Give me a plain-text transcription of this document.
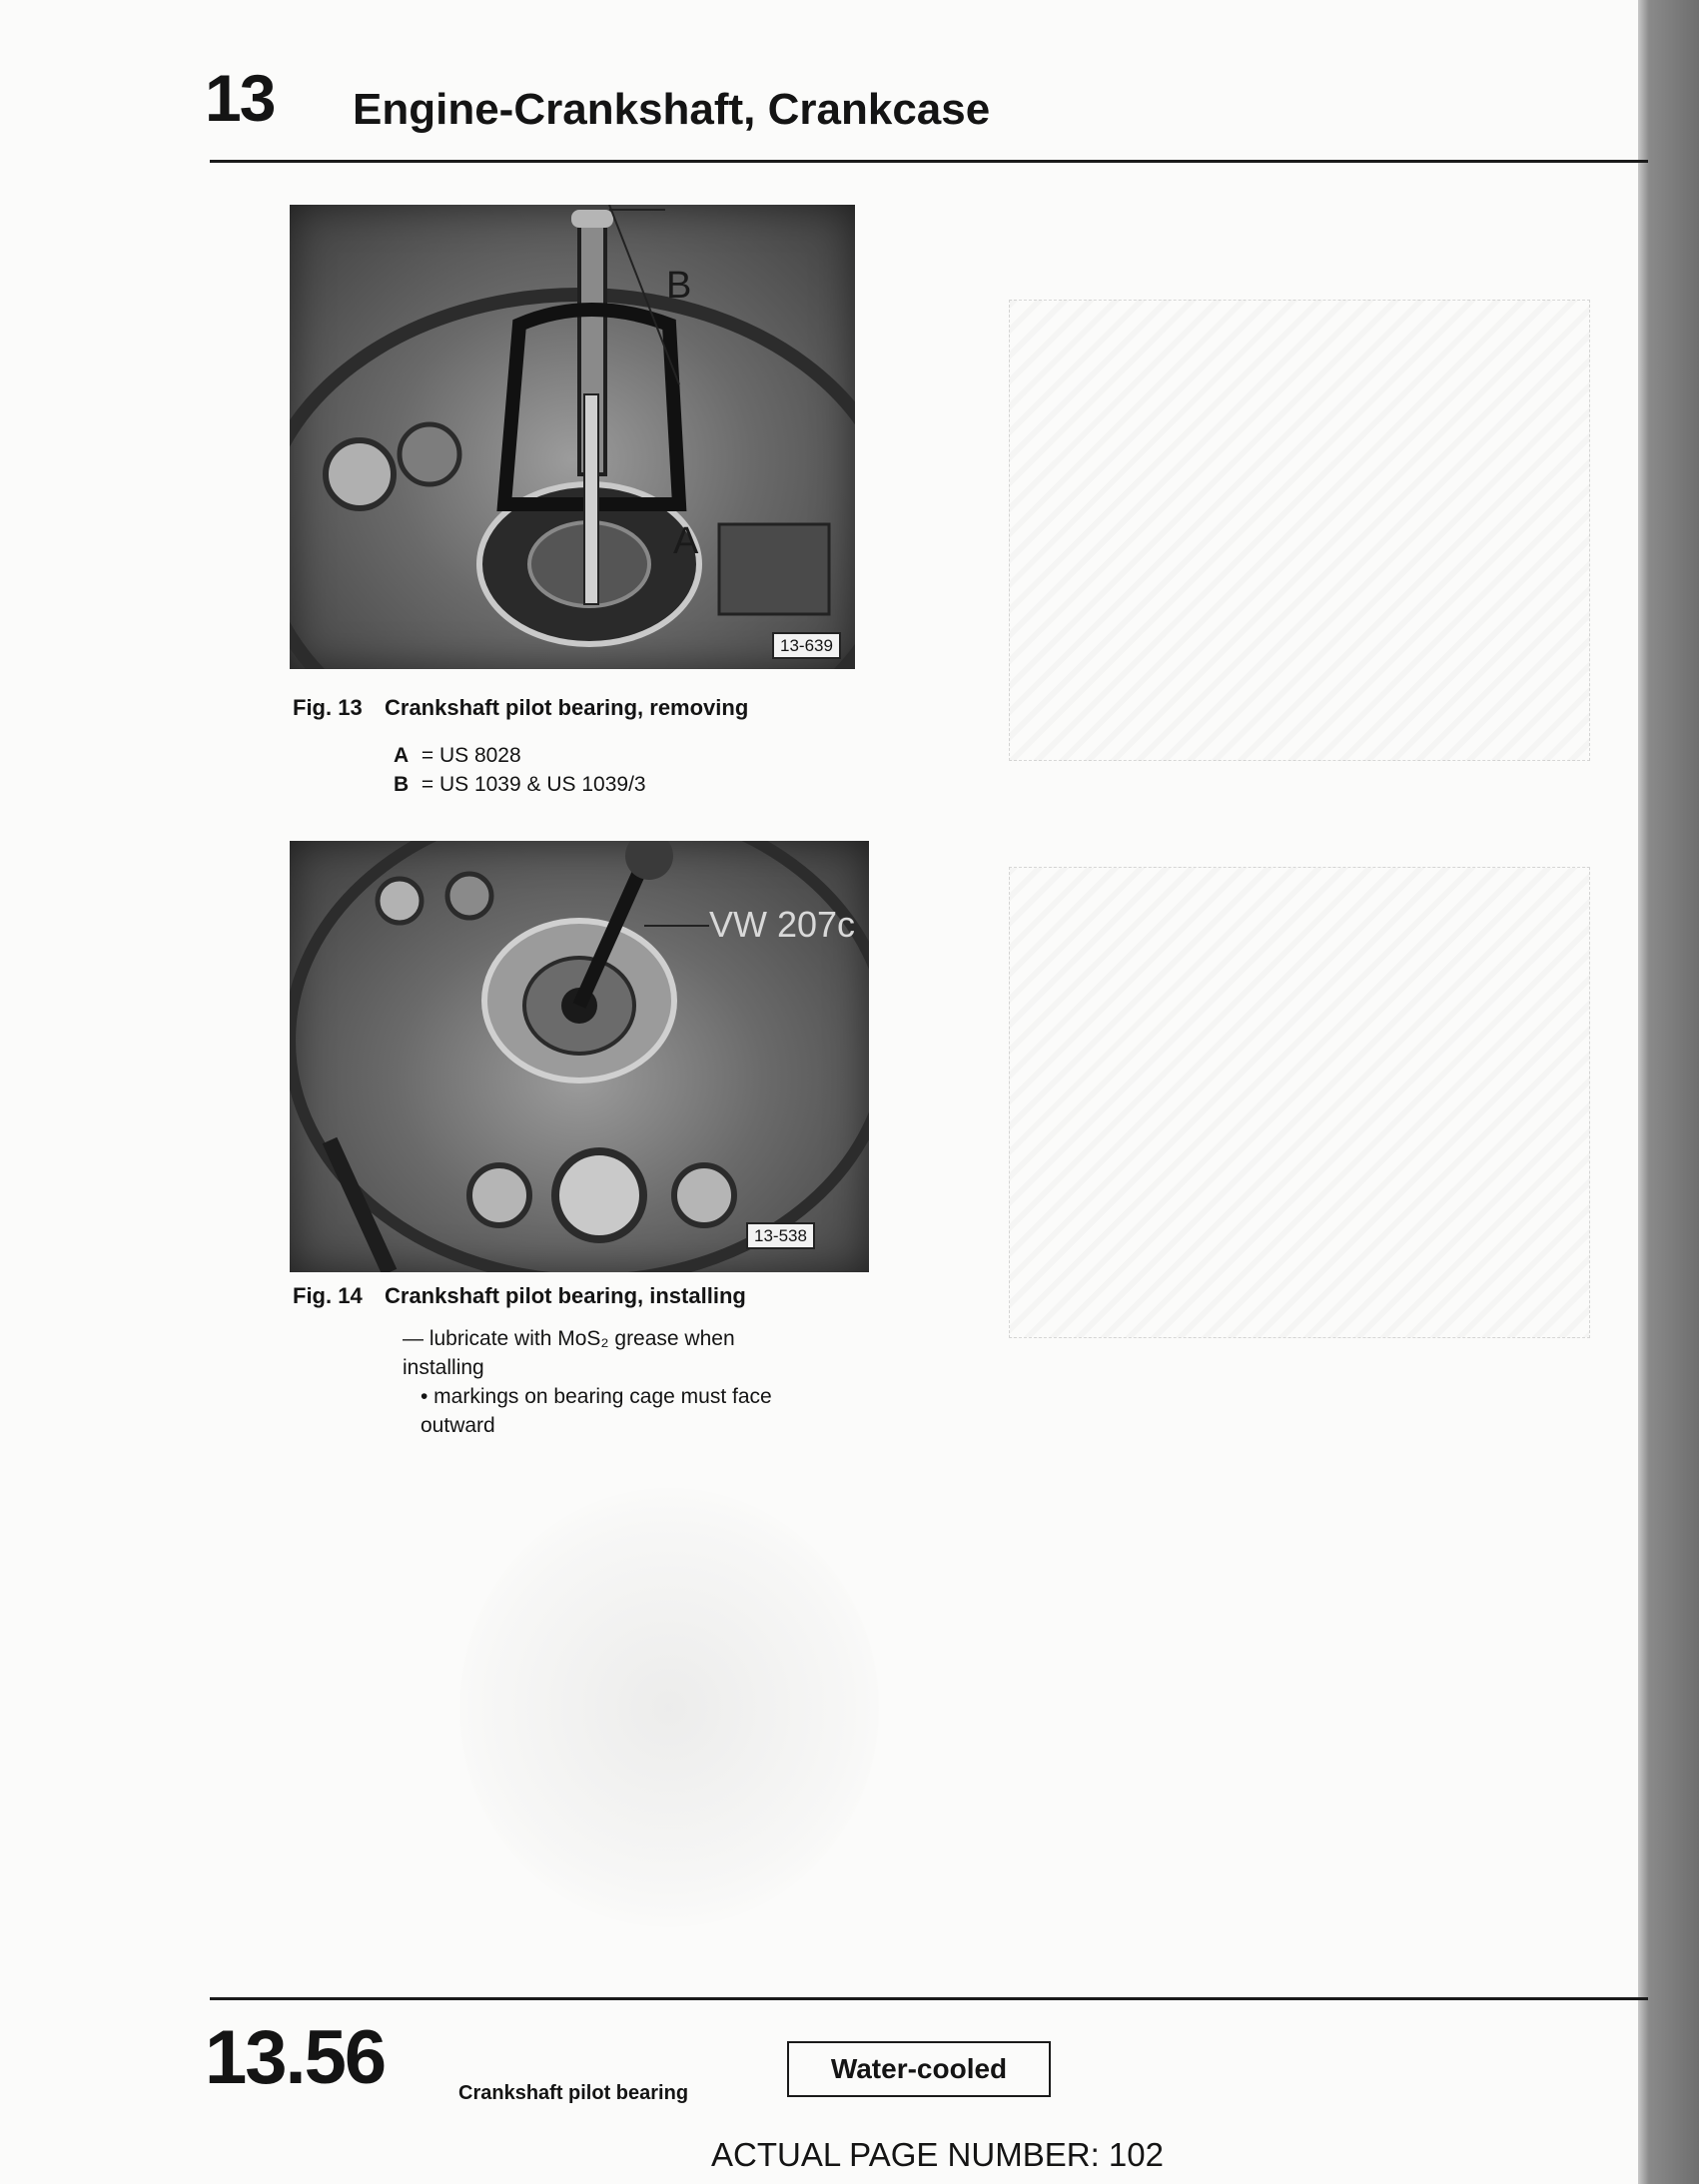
13 Engine-Crankshaft, Crankcase
B
A
13-639
Fig. 13 Crankshaft pilot bearing, removing
A = US 8028
B = US 1039 & US 1039/3
VW 207c
13-538
Fig. 14 Crankshaft pilot bearing, installing
— lubricate with MoS₂ grease when installing
• markings on bearing cage must face outward
13.56	Crankshaft pilot bearing
Water-cooled
ACTUAL PAGE NUMBER: 102
